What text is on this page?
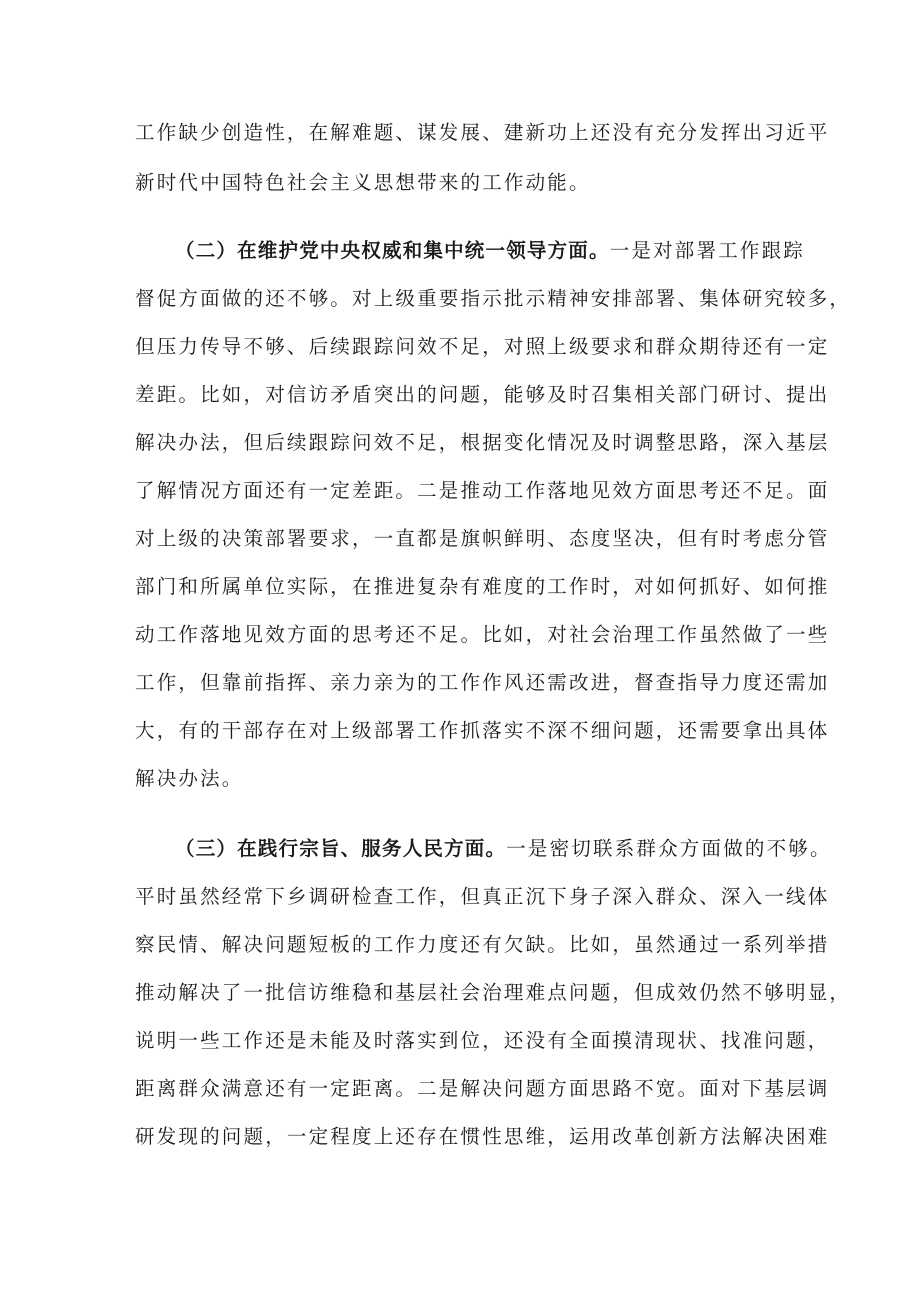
工作缺少创造性，在解难题、谋发展、建新功上还没有充分发挥出习近平
新时代中国特色社会主义思想带来的工作动能。
（二）在维护党中央权威和集中统一领导方面。一是对部署工作跟踪
督促方面做的还不够。对上级重要指示批示精神安排部署、集体研究较多，
但压力传导不够、后续跟踪问效不足，对照上级要求和群众期待还有一定
差距。比如，对信访矛盾突出的问题，能够及时召集相关部门研讨、提出
解决办法，但后续跟踪问效不足，根据变化情况及时调整思路，深入基层
了解情况方面还有一定差距。二是推动工作落地见效方面思考还不足。面
对上级的决策部署要求，一直都是旗帜鲜明、态度坚决，但有时考虑分管
部门和所属单位实际，在推进复杂有难度的工作时，对如何抓好、如何推
动工作落地见效方面的思考还不足。比如，对社会治理工作虽然做了一些
工作，但靠前指挥、亲力亲为的工作作风还需改进，督查指导力度还需加
大，有的干部存在对上级部署工作抓落实不深不细问题，还需要拿出具体
解决办法。
（三）在践行宗旨、服务人民方面。一是密切联系群众方面做的不够。
平时虽然经常下乡调研检查工作，但真正沉下身子深入群众、深入一线体
察民情、解决问题短板的工作力度还有欠缺。比如，虽然通过一系列举措
推动解决了一批信访维稳和基层社会治理难点问题，但成效仍然不够明显，
说明一些工作还是未能及时落实到位，还没有全面摸清现状、找准问题，
距离群众满意还有一定距离。二是解决问题方面思路不宽。面对下基层调
研发现的问题，一定程度上还存在惯性思维，运用改革创新方法解决困难
